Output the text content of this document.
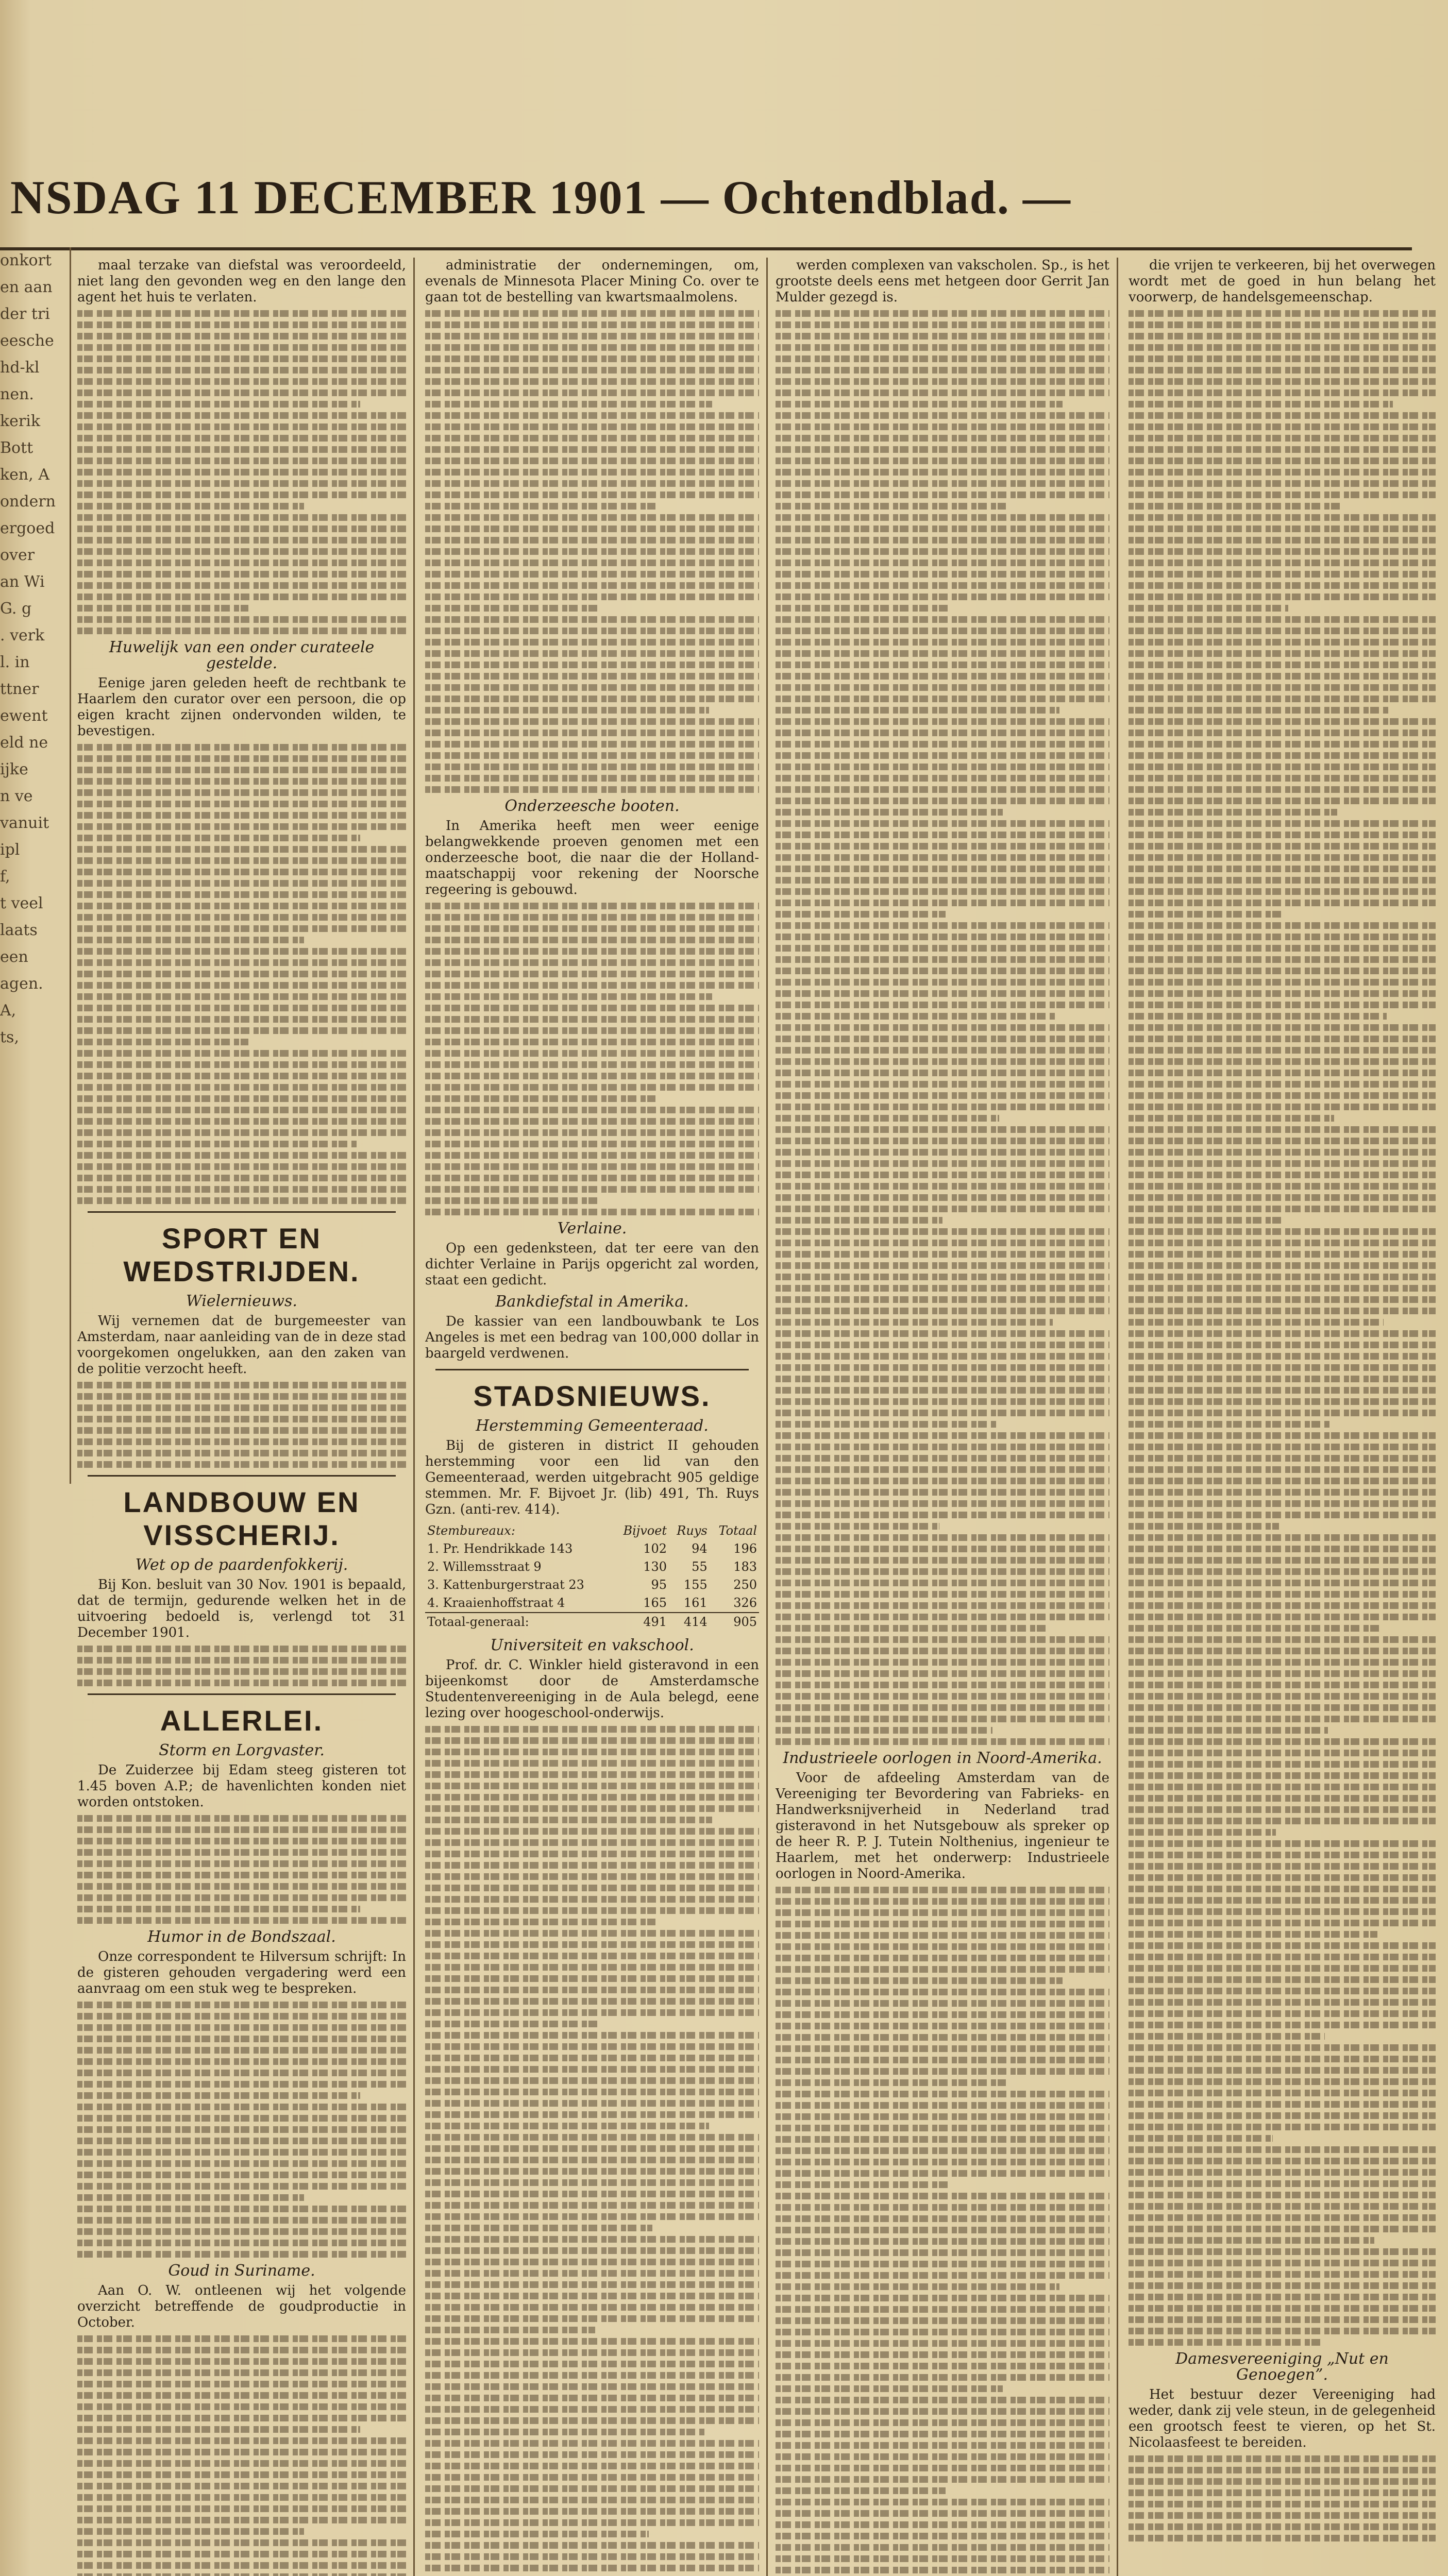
NSDAG 11 DECEMBER 1901 — Ochtendblad. —
onkort
en aan
der tri
eesche
hd-kl
nen.
kerik
Bott
ken, A
ondern
ergoed
over
an Wi
G. g
. verk
l. in
ttner
ewent
eld ne
ijke
n ve
vanuit
ipl
f,
t veel
laats
een
agen.
A,
ts,

maal terzake van diefstal was veroordeeld, niet lang den gevonden weg en den lange den agent het huis te verlaten.

Huwelijk van een onder curateele gestelde.

Eenige jaren geleden heeft de rechtbank te Haarlem den curator over een persoon, die op eigen kracht zijnen ondervonden wilden, te bevestigen.

SPORT EN WEDSTRIJDEN.
Wielernieuws.

Wij vernemen dat de burgemeester van Amsterdam, naar aanleiding van de in deze stad voorgekomen ongelukken, aan den zaken van de politie verzocht heeft.

LANDBOUW EN VISSCHERIJ.
Wet op de paardenfokkerij.

Bij Kon. besluit van 30 Nov. 1901 is bepaald, dat de termijn, gedurende welken het in de uitvoering bedoeld is, verlengd tot 31 December 1901.

ALLERLEI.
Storm en Lorgvaster.

De Zuiderzee bij Edam steeg gisteren tot 1.45 boven A.P.; de havenlichten konden niet worden ontstoken.

Humor in de Bondszaal.

Onze correspondent te Hilversum schrijft: In de gisteren gehouden vergadering werd een aanvraag om een stuk weg te bespreken.

Goud in Suriname.

Aan O. W. ontleenen wij het volgende overzicht betreffende de goudproductie in October.

administratie der ondernemingen, om, evenals de Minnesota Placer Mining Co. over te gaan tot de bestelling van kwartsmaalmolens.

Onderzeesche booten.

In Amerika heeft men weer eenige belangwekkende proeven genomen met een onderzeesche boot, die naar die der Holland-maatschappij voor rekening der Noorsche regeering is gebouwd.

Verlaine.

Op een gedenksteen, dat ter eere van den dichter Verlaine in Parijs opgericht zal worden, staat een gedicht.

Bankdiefstal in Amerika.

De kassier van een landbouwbank te Los Angeles is met een bedrag van 100,000 dollar in baargeld verdwenen.

STADSNIEUWS.
Herstemming Gemeenteraad.

Bij de gisteren in district II gehouden herstemming voor een lid van den Gemeenteraad, werden uitgebracht 905 geldige stemmen. Mr. F. Bijvoet Jr. (lib) 491, Th. Ruys Gzn. (anti-rev. 414).

Stembureaux:	Bijvoet	Ruys	Totaal
1. Pr. Hendrikkade 143	102	94	196
2. Willemsstraat 9	130	55	183
3. Kattenburgerstraat 23	95	155	250
4. Kraaienhoffstraat 4	165	161	326
Totaal-generaal:	491	414	905
Universiteit en vakschool.

Prof. dr. C. Winkler hield gisteravond in een bijeenkomst door de Amsterdamsche Studentenvereeniging in de Aula belegd, eene lezing over hoogeschool-onderwijs.

werden complexen van vakscholen. Sp., is het grootste deels eens met hetgeen door Gerrit Jan Mulder gezegd is.

Industrieele oorlogen in Noord-Amerika.

Voor de afdeeling Amsterdam van de Vereeniging ter Bevordering van Fabrieks- en Handwerksnijverheid in Nederland trad gisteravond in het Nutsgebouw als spreker op de heer R. P. J. Tutein Nolthenius, ingenieur te Haarlem, met het onderwerp: Industrieele oorlogen in Noord-Amerika.

die vrijen te verkeeren, bij het overwegen wordt met de goed in hun belang het voorwerp, de handelsgemeenschap.

Damesvereeniging „Nut en Genoegen”.

Het bestuur dezer Vereeniging had weder, dank zij vele steun, in de gelegenheid een grootsch feest te vieren, op het St. Nicolaasfeest te bereiden.
